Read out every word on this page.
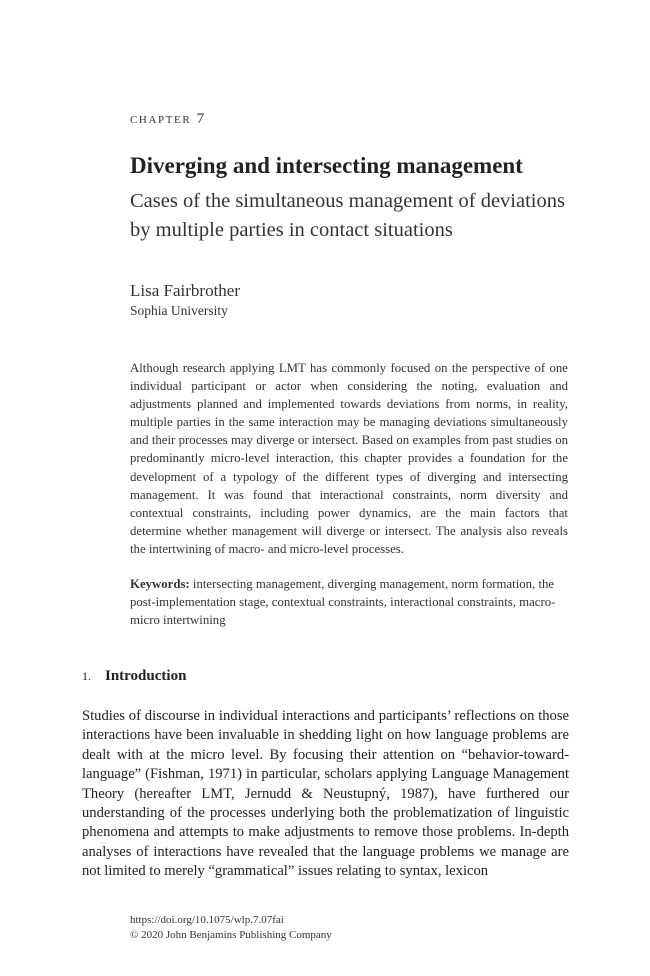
chapter 7
Diverging and intersecting management
Cases of the simultaneous management of deviations by multiple parties in contact situations
Lisa Fairbrother
Sophia University

Although research applying LMT has commonly focused on the perspective of one individual participant or actor when considering the noting, evaluation and adjustments planned and implemented towards deviations from norms, in reality, multiple parties in the same interaction may be managing deviations simultaneously and their processes may diverge or intersect. Based on examples from past studies on predominantly micro-level interaction, this chapter provides a foundation for the development of a typology of the different types of diverging and intersecting management. It was found that interactional constraints, norm diversity and contextual constraints, including power dynamics, are the main factors that determine whether management will diverge or intersect. The analysis also reveals the intertwining of macro- and micro-level processes.

Keywords: intersecting management, diverging management, norm formation, the post-implementation stage, contextual constraints, interactional constraints, macro-micro intertwining

1. Introduction

Studies of discourse in individual interactions and participants’ reflections on those interactions have been invaluable in shedding light on how language problems are dealt with at the micro level. By focusing their attention on “behavior-toward-language” (Fishman, 1971) in particular, scholars applying Language Management Theory (hereafter LMT, Jernudd & Neustupný, 1987), have furthered our understanding of the processes underlying both the problematization of linguistic phenomena and attempts to make adjustments to remove those problems. In-depth analyses of interactions have revealed that the language problems we manage are not limited to merely “grammatical” issues relating to syntax, lexicon

https://doi.org/10.1075/wlp.7.07fai
© 2020 John Benjamins Publishing Company
